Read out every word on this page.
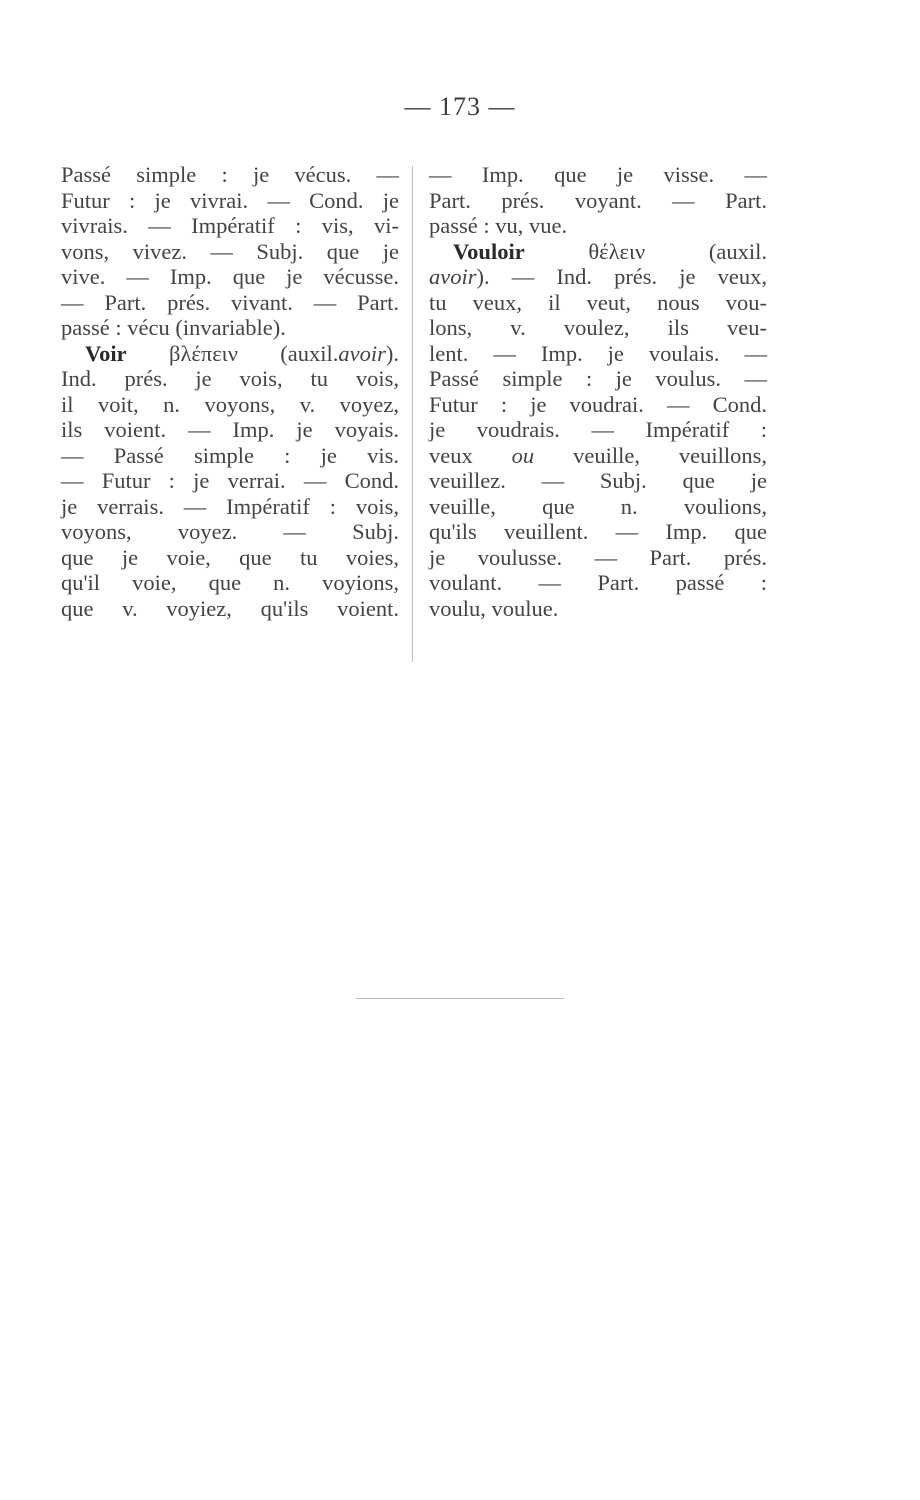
— 173 —
Passé simple : je vécus. —
Futur : je vivrai. — Cond. je
vivrais. — Impératif : vis, vi-
vons, vivez. — Subj. que je
vive. — Imp. que je vécusse.
— Part. prés. vivant. — Part.
passé : vécu (invariable).
Voir βλέπειν (auxil.avoir).
Ind. prés. je vois, tu vois,
il voit, n. voyons, v. voyez,
ils voient. — Imp. je voyais.
— Passé simple : je vis.
— Futur : je verrai. — Cond.
je verrais. — Impératif : vois,
voyons, voyez. — Subj.
que je voie, que tu voies,
qu'il voie, que n. voyions,
que v. voyiez, qu'ils voient.
— Imp. que je visse. —
Part. prés. voyant. — Part.
passé : vu, vue.
Vouloir	θέλειν	(auxil.
avoir). — Ind. prés. je veux,
tu veux, il veut, nous vou-
lons, v. voulez, ils veu-
lent. — Imp. je voulais. —
Passé simple : je voulus. —
Futur : je voudrai. — Cond.
je voudrais. — Impératif :
veux ou veuille, veuillons,
veuillez. — Subj. que je
veuille, que n. voulions,
qu'ils veuillent. — Imp. que
je voulusse. — Part. prés.
voulant. — Part. passé :
voulu, voulue.
